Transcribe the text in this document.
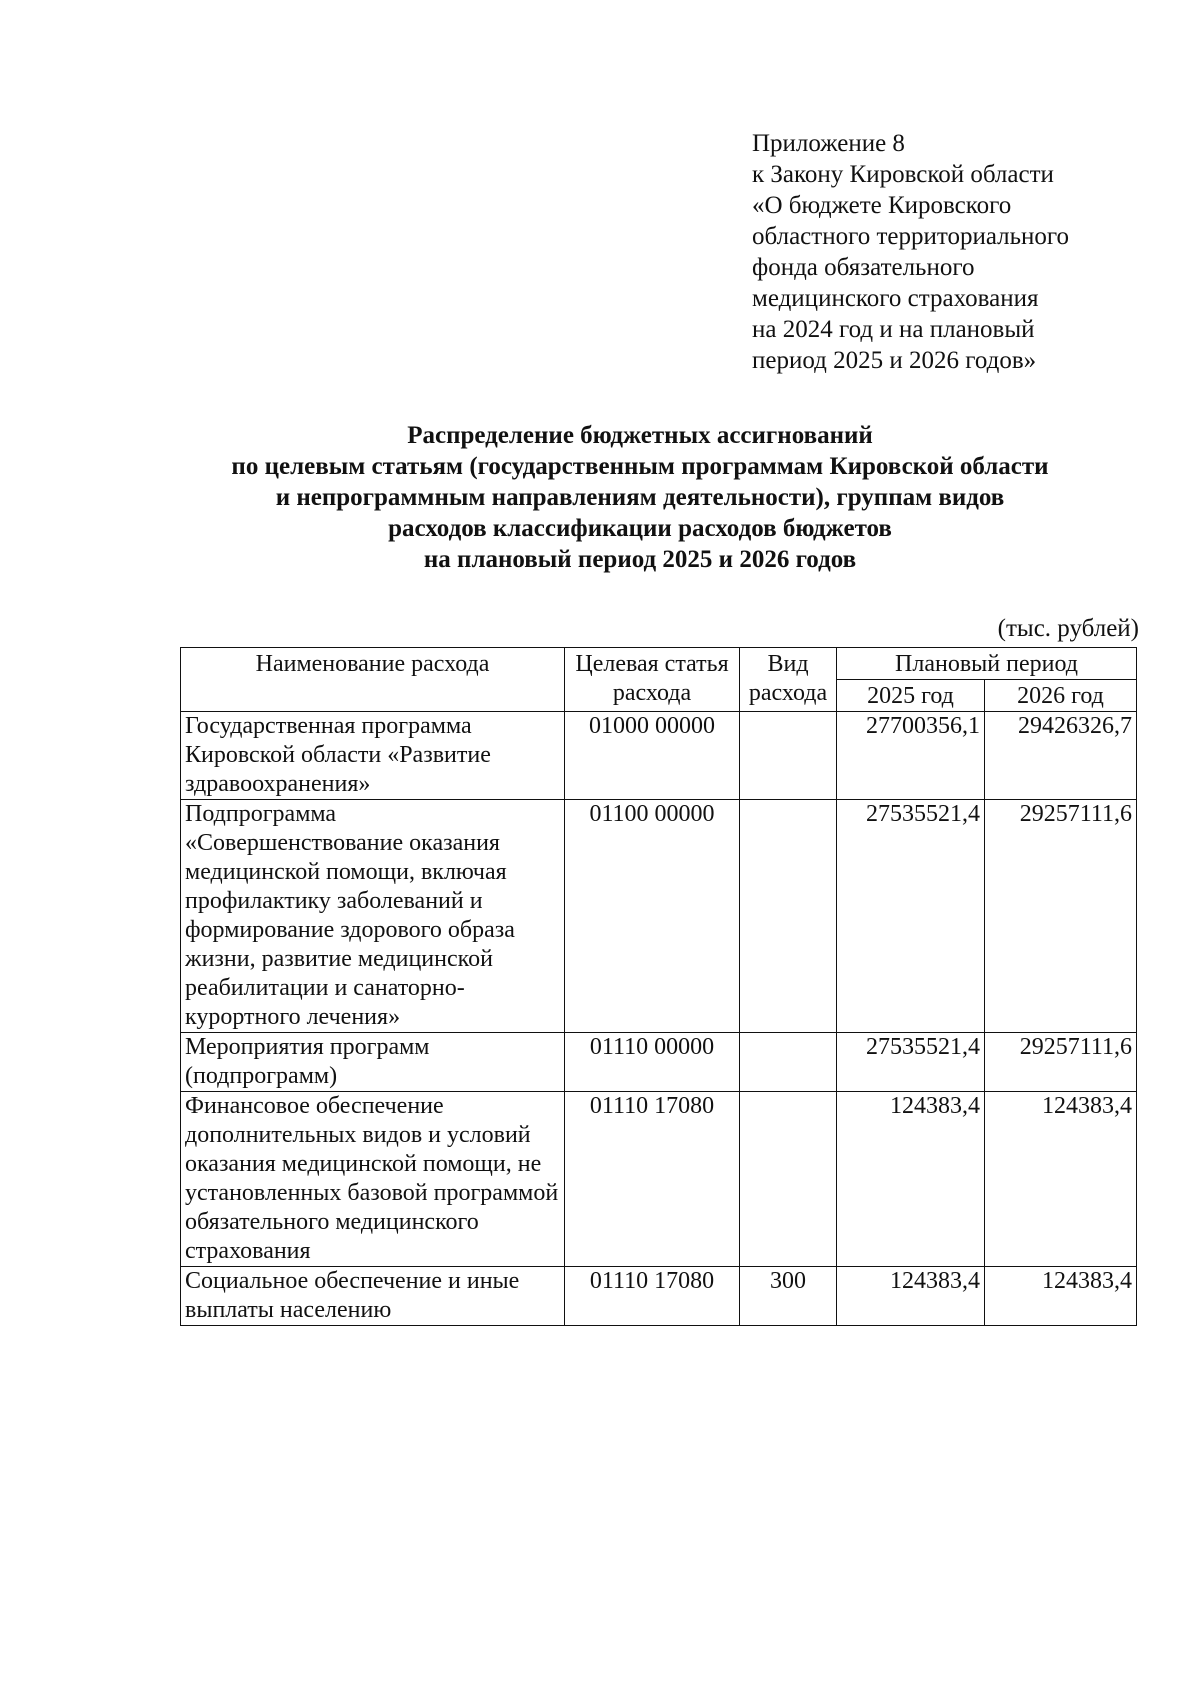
Приложение 8
к Закону Кировской области
«О бюджете Кировского
областного территориального
фонда обязательного
медицинского страхования
на 2024 год и на плановый
период 2025 и 2026 годов»
Распределение бюджетных ассигнований
по целевым статьям (государственным программам Кировской области
и непрограммным направлениям деятельности), группам видов
расходов классификации расходов бюджетов
на плановый период 2025 и 2026 годов
(тыс. рублей)
Наименование расхода	Целевая статья расхода	Вид расхода	Плановый период	
			2025 год	2026 год
Государственная программа Кировской области «Развитие здравоохранения»	01000 00000		27700356,1	29426326,7
Подпрограмма «Совершенствование оказания медицинской помощи, включая профилактику заболеваний и формирование здорового образа жизни, развитие медицинской реабилитации и санаторно-курортного лечения»	01100 00000		27535521,4	29257111,6
Мероприятия программ (подпрограмм)	01110 00000		27535521,4	29257111,6
Финансовое обеспечение дополнительных видов и условий оказания медицинской помощи, не установленных базовой программой обязательного медицинского страхования	01110 17080		124383,4	124383,4
Социальное обеспечение и иные выплаты населению	01110 17080	300	124383,4	124383,4
